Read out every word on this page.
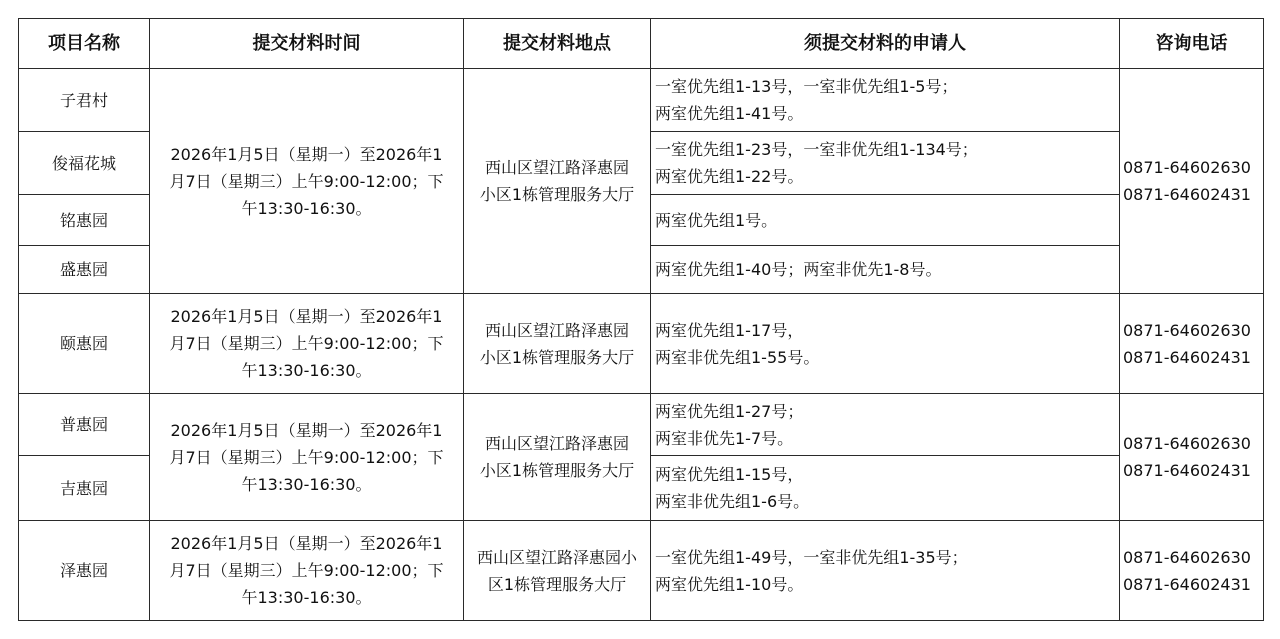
项目名称	提交材料时间	提交材料地点	须提交材料的申请人	咨询电话
子君村	2026年1月5日（星期一）至2026年1
月7日（星期三）上午9:00-12:00；下
午13:30-16:30。	西山区望江路泽惠园
小区1栋管理服务大厅	一室优先组1-13号，一室非优先组1-5号；
两室优先组1-41号。	0871-64602630
0871-64602431

俊福花城			一室优先组1-23号，一室非优先组1-134号；
两室优先组1-22号。	

铭惠园			两室优先组1号。	

盛惠园			两室优先组1-40号；两室非优先1-8号。	

颐惠园	2026年1月5日（星期一）至2026年1
月7日（星期三）上午9:00-12:00；下
午13:30-16:30。	西山区望江路泽惠园
小区1栋管理服务大厅	两室优先组1-17号，
两室非优先组1-55号。	0871-64602630
0871-64602431

普惠园	2026年1月5日（星期一）至2026年1
月7日（星期三）上午9:00-12:00；下
午13:30-16:30。	西山区望江路泽惠园
小区1栋管理服务大厅	两室优先组1-27号；
两室非优先1-7号。	0871-64602630
0871-64602431

吉惠园			两室优先组1-15号，
两室非优先组1-6号。	

泽惠园	2026年1月5日（星期一）至2026年1
月7日（星期三）上午9:00-12:00；下
午13:30-16:30。	西山区望江路泽惠园小
区1栋管理服务大厅	一室优先组1-49号，一室非优先组1-35号；
两室优先组1-10号。	0871-64602630
0871-64602431
